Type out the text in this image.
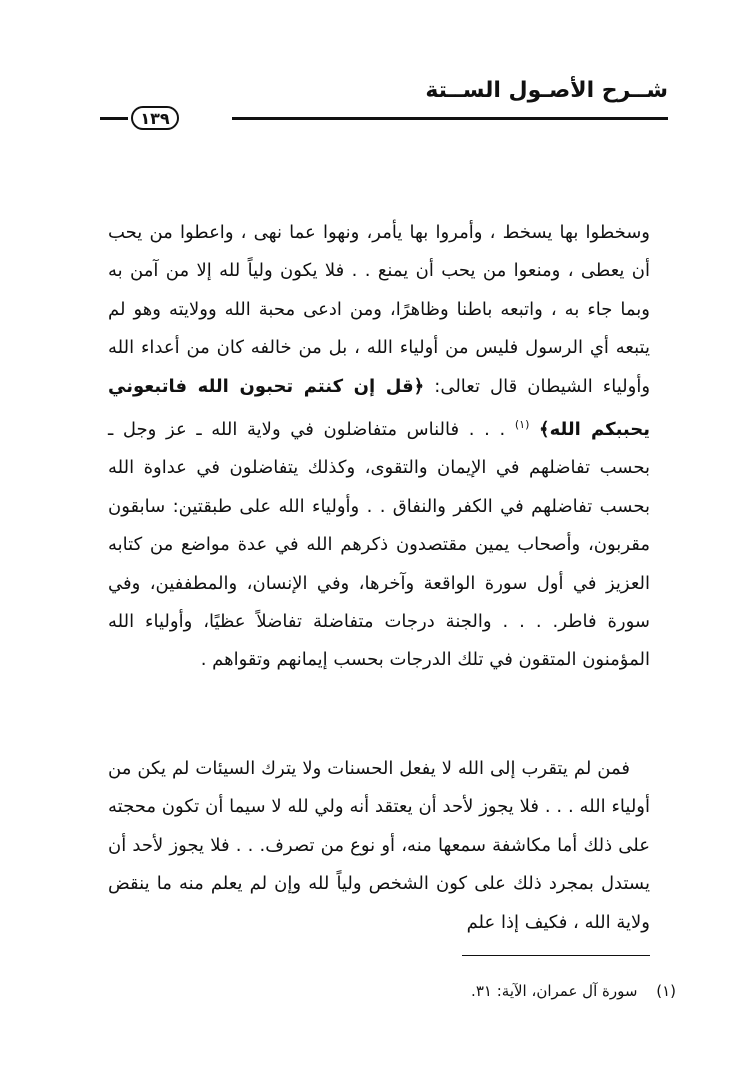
شــرح الأصـول الســتة
١٣٩

وسخطوا بها يسخط ، وأمروا بها يأمر، ونهوا عما نهى ، واعطوا من يحب أن يعطى ، ومنعوا من يحب أن يمنع . . فلا يكون ولياً لله إلا من آمن به وبما جاء به ، واتبعه باطنا وظاهرًا، ومن ادعى محبة الله وولايته وهو لم يتبعه أي الرسول فليس من أولياء الله ، بل من خالفه كان من أعداء الله وأولياء الشيطان قال تعالى: ﴿قل إن كنتم تحبون الله فاتبعوني يحببكم الله﴾ $^{(١)}$ . . . فالناس متفاضلون في ولاية الله ـ عز وجل ـ بحسب تفاضلهم في الإيمان والتقوى، وكذلك يتفاضلون في عداوة الله بحسب تفاضلهم في الكفر والنفاق . . وأولياء الله على طبقتين: سابقون مقربون، وأصحاب يمين مقتصدون ذكرهم الله في عدة مواضع من كتابه العزيز في أول سورة الواقعة وآخرها، وفي الإنسان، والمطففين، وفي سورة فاطر. . . . والجنة درجات متفاضلة تفاضلاً عظيًا، وأولياء الله المؤمنون المتقون في تلك الدرجات بحسب إيمانهم وتقواهم .

فمن لم يتقرب إلى الله لا يفعل الحسنات ولا يترك السيئات لم يكن من أولياء الله . . . فلا يجوز لأحد أن يعتقد أنه ولي لله لا سيما أن تكون محجته على ذلك أما مكاشفة سمعها منه، أو نوع من تصرف. . . فلا يجوز لأحد أن يستدل بمجرد ذلك على كون الشخص ولياً لله وإن لم يعلم منه ما ينقض ولاية الله ، فكيف إذا علم

(١) سورة آل عمران، الآية: ٣١.
